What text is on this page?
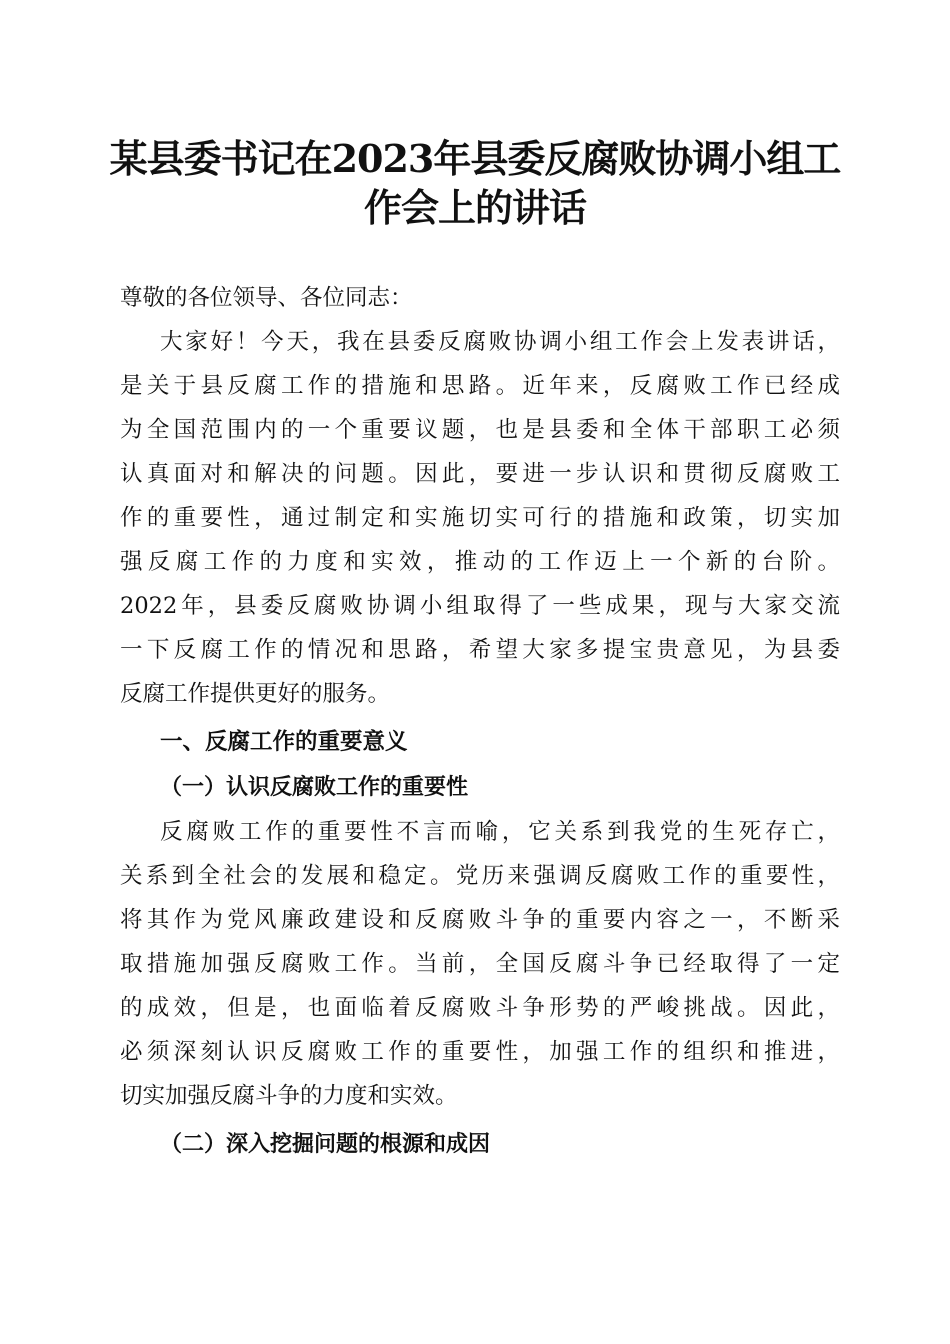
某县委书记在2023年县委反腐败协调小组工
作会上的讲话

尊敬的各位领导、各位同志：

大家好！今天，我在县委反腐败协调小组工作会上发表讲话，
是关于县反腐工作的措施和思路。近年来，反腐败工作已经成
为全国范围内的一个重要议题，也是县委和全体干部职工必须
认真面对和解决的问题。因此，要进一步认识和贯彻反腐败工
作的重要性，通过制定和实施切实可行的措施和政策，切实加
强反腐工作的力度和实效，推动的工作迈上一个新的台阶。
2022年，县委反腐败协调小组取得了一些成果，现与大家交流
一下反腐工作的情况和思路，希望大家多提宝贵意见，为县委
反腐工作提供更好的服务。
一、反腐工作的重要意义
（一）认识反腐败工作的重要性
反腐败工作的重要性不言而喻，它关系到我党的生死存亡，
关系到全社会的发展和稳定。党历来强调反腐败工作的重要性，
将其作为党风廉政建设和反腐败斗争的重要内容之一，不断采
取措施加强反腐败工作。当前，全国反腐斗争已经取得了一定
的成效，但是，也面临着反腐败斗争形势的严峻挑战。因此，
必须深刻认识反腐败工作的重要性，加强工作的组织和推进，
切实加强反腐斗争的力度和实效。
（二）深入挖掘问题的根源和成因
